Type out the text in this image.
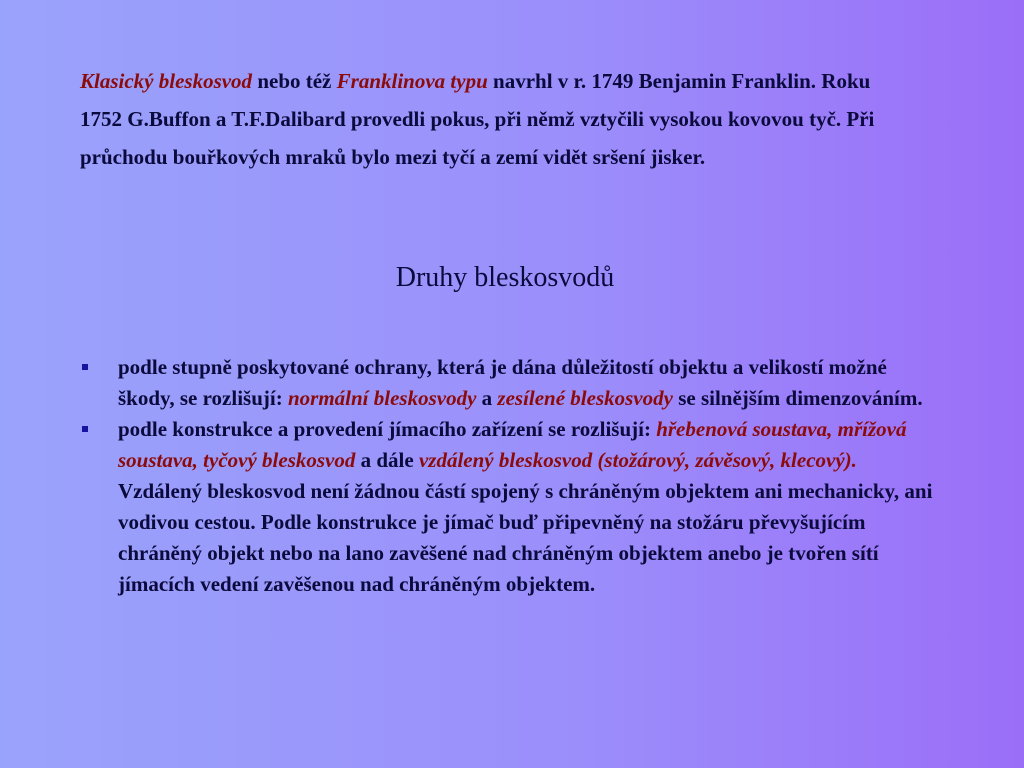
Klasický bleskosvod nebo též Franklinova typu navrhl v r. 1749 Benjamin Franklin. Roku 1752 G.Buffon a T.F.Dalibard provedli pokus, při němž vztyčili vysokou kovovou tyč. Při průchodu bouřkových mraků bylo mezi tyčí a zemí vidět sršení jisker.

Druhy bleskosvodů
podle stupně poskytované ochrany, která je dána důležitostí objektu a velikostí možné škody, se rozlišují: normální bleskosvody a zesílené bleskosvody se silnějším dimenzováním.
podle konstrukce a provedení jímacího zařízení se rozlišují: hřebenová soustava, mřížová soustava, tyčový bleskosvod a dále vzdálený bleskosvod (stožárový, závěsový, klecový). Vzdálený bleskosvod není žádnou částí spojený s chráněným objektem ani mechanicky, ani vodivou cestou. Podle konstrukce je jímač buď připevněný na stožáru převyšujícím chráněný objekt nebo na lano zavěšené nad chráněným objektem anebo je tvořen sítí jímacích vedení zavěšenou nad chráněným objektem.
